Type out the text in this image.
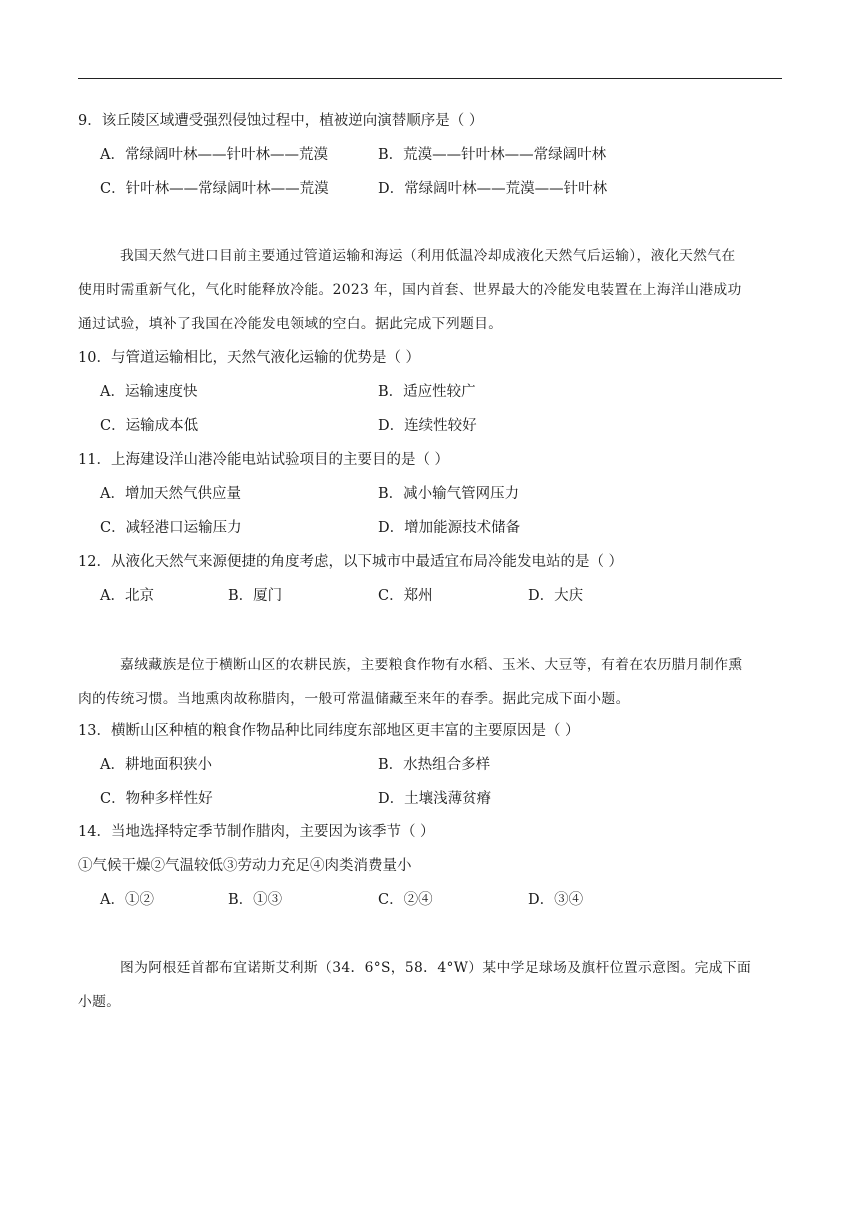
9．该丘陵区域遭受强烈侵蚀过程中，植被逆向演替顺序是（ ）
A．常绿阔叶林——针叶林——荒漠	B．荒漠——针叶林——常绿阔叶林
C．针叶林——常绿阔叶林——荒漠	D．常绿阔叶林——荒漠——针叶林
我国天然气进口目前主要通过管道运输和海运（利用低温冷却成液化天然气后运输），液化天然气在
使用时需重新气化，气化时能释放冷能。2023 年，国内首套、世界最大的冷能发电装置在上海洋山港成功
通过试验，填补了我国在冷能发电领域的空白。据此完成下列题目。
10．与管道运输相比，天然气液化运输的优势是（ ）
A．运输速度快	B．适应性较广
C．运输成本低	D．连续性较好
11．上海建设洋山港冷能电站试验项目的主要目的是（ ）
A．增加天然气供应量	B．减小输气管网压力
C．减轻港口运输压力	D．增加能源技术储备
12．从液化天然气来源便捷的角度考虑，以下城市中最适宜布局冷能发电站的是（ ）
A．北京	B．厦门	C．郑州	D．大庆
嘉绒藏族是位于横断山区的农耕民族，主要粮食作物有水稻、玉米、大豆等，有着在农历腊月制作熏
肉的传统习惯。当地熏肉故称腊肉，一般可常温储藏至来年的春季。据此完成下面小题。
13．横断山区种植的粮食作物品种比同纬度东部地区更丰富的主要原因是（ ）
A．耕地面积狭小	B．水热组合多样
C．物种多样性好	D．土壤浅薄贫瘠
14．当地选择特定季节制作腊肉，主要因为该季节（ ）
①气候干燥②气温较低③劳动力充足④肉类消费量小
A．①②	B．①③	C．②④	D．③④
图为阿根廷首都布宜诺斯艾利斯（34．6°S，58．4°W）某中学足球场及旗杆位置示意图。完成下面
小题。
